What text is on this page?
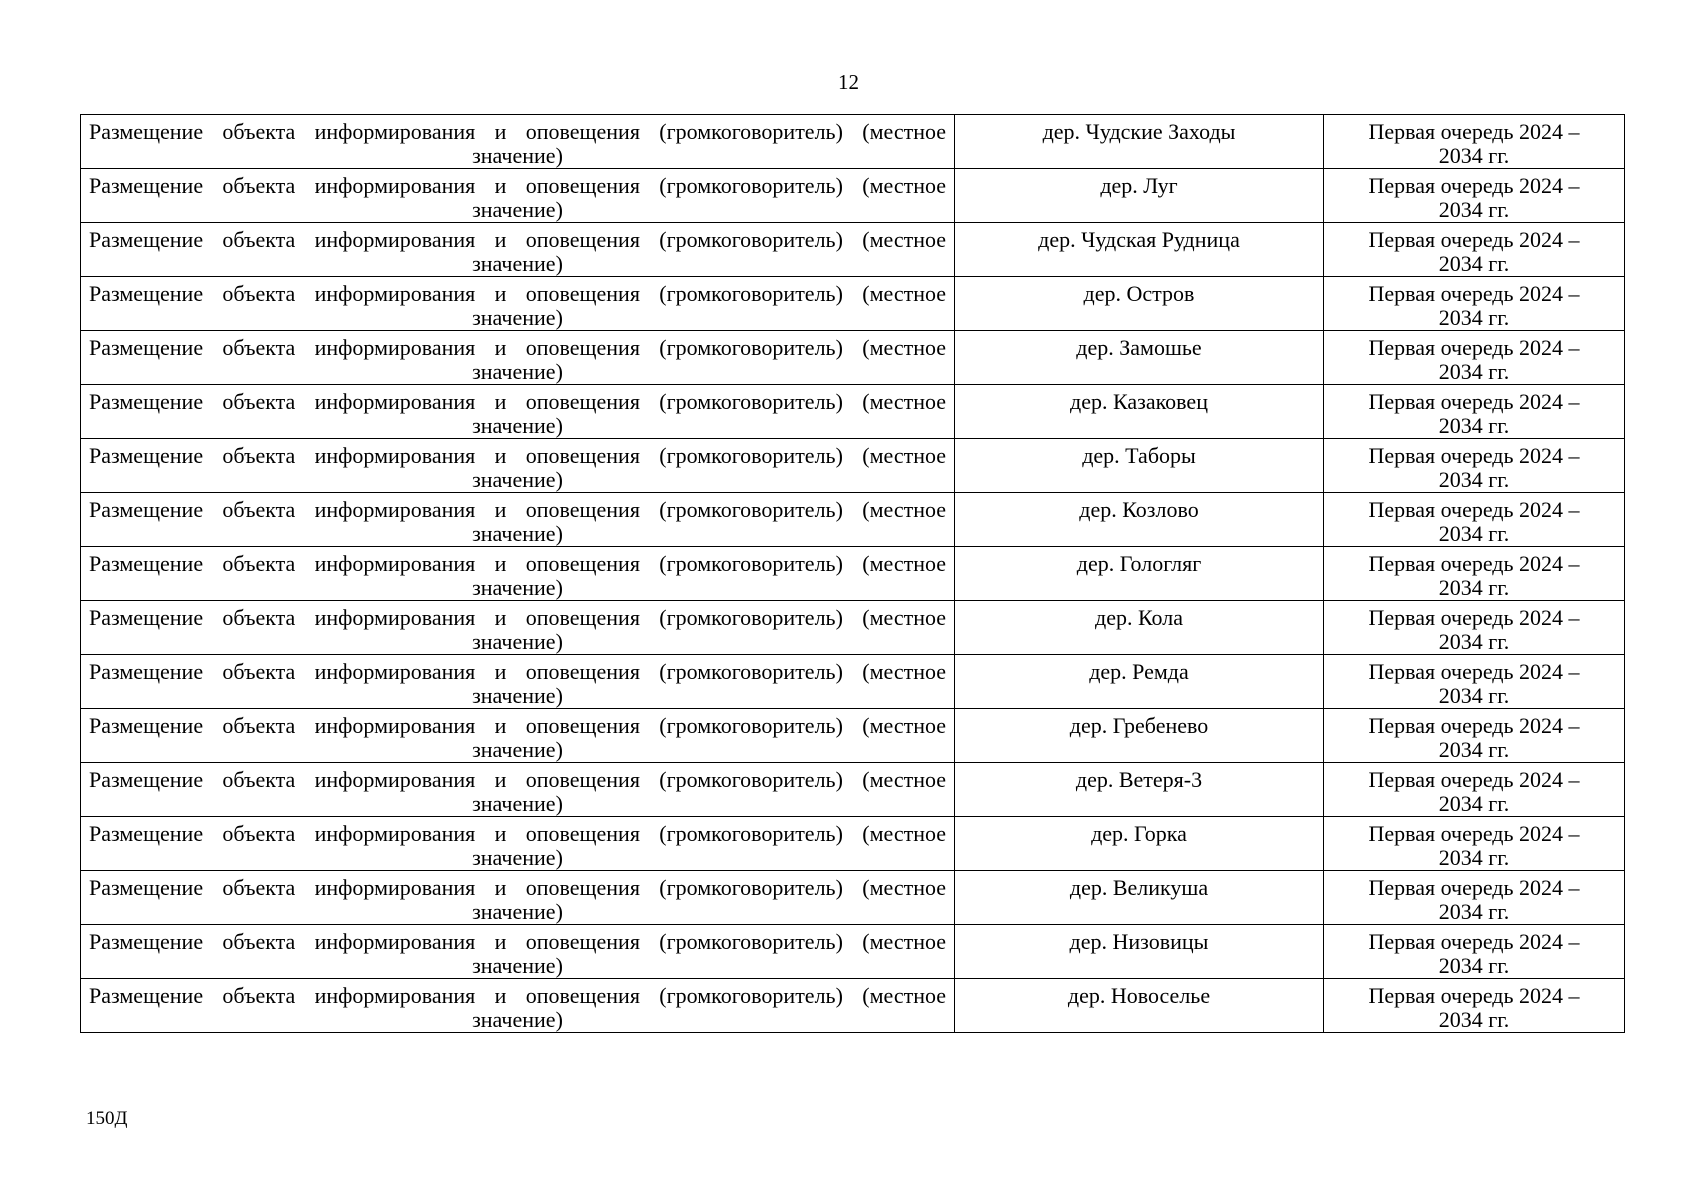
12
Размещение объекта информирования и оповещения (громкоговоритель) (местное
значение)	дер. Чудские Заходы	Первая очередь 2024 –
2034 гг.

Размещение объекта информирования и оповещения (громкоговоритель) (местное
значение)	дер. Луг	Первая очередь 2024 –
2034 гг.

Размещение объекта информирования и оповещения (громкоговоритель) (местное
значение)	дер. Чудская Рудница	Первая очередь 2024 –
2034 гг.

Размещение объекта информирования и оповещения (громкоговоритель) (местное
значение)	дер. Остров	Первая очередь 2024 –
2034 гг.

Размещение объекта информирования и оповещения (громкоговоритель) (местное
значение)	дер. Замошье	Первая очередь 2024 –
2034 гг.

Размещение объекта информирования и оповещения (громкоговоритель) (местное
значение)	дер. Казаковец	Первая очередь 2024 –
2034 гг.

Размещение объекта информирования и оповещения (громкоговоритель) (местное
значение)	дер. Таборы	Первая очередь 2024 –
2034 гг.

Размещение объекта информирования и оповещения (громкоговоритель) (местное
значение)	дер. Козлово	Первая очередь 2024 –
2034 гг.

Размещение объекта информирования и оповещения (громкоговоритель) (местное
значение)	дер. Гологляг	Первая очередь 2024 –
2034 гг.

Размещение объекта информирования и оповещения (громкоговоритель) (местное
значение)	дер. Кола	Первая очередь 2024 –
2034 гг.

Размещение объекта информирования и оповещения (громкоговоритель) (местное
значение)	дер. Ремда	Первая очередь 2024 –
2034 гг.

Размещение объекта информирования и оповещения (громкоговоритель) (местное
значение)	дер. Гребенево	Первая очередь 2024 –
2034 гг.

Размещение объекта информирования и оповещения (громкоговоритель) (местное
значение)	дер. Ветеря-3	Первая очередь 2024 –
2034 гг.

Размещение объекта информирования и оповещения (громкоговоритель) (местное
значение)	дер. Горка	Первая очередь 2024 –
2034 гг.

Размещение объекта информирования и оповещения (громкоговоритель) (местное
значение)	дер. Великуша	Первая очередь 2024 –
2034 гг.

Размещение объекта информирования и оповещения (громкоговоритель) (местное
значение)	дер. Низовицы	Первая очередь 2024 –
2034 гг.

Размещение объекта информирования и оповещения (громкоговоритель) (местное
значение)	дер. Новоселье	Первая очередь 2024 –
2034 гг.
150Д
